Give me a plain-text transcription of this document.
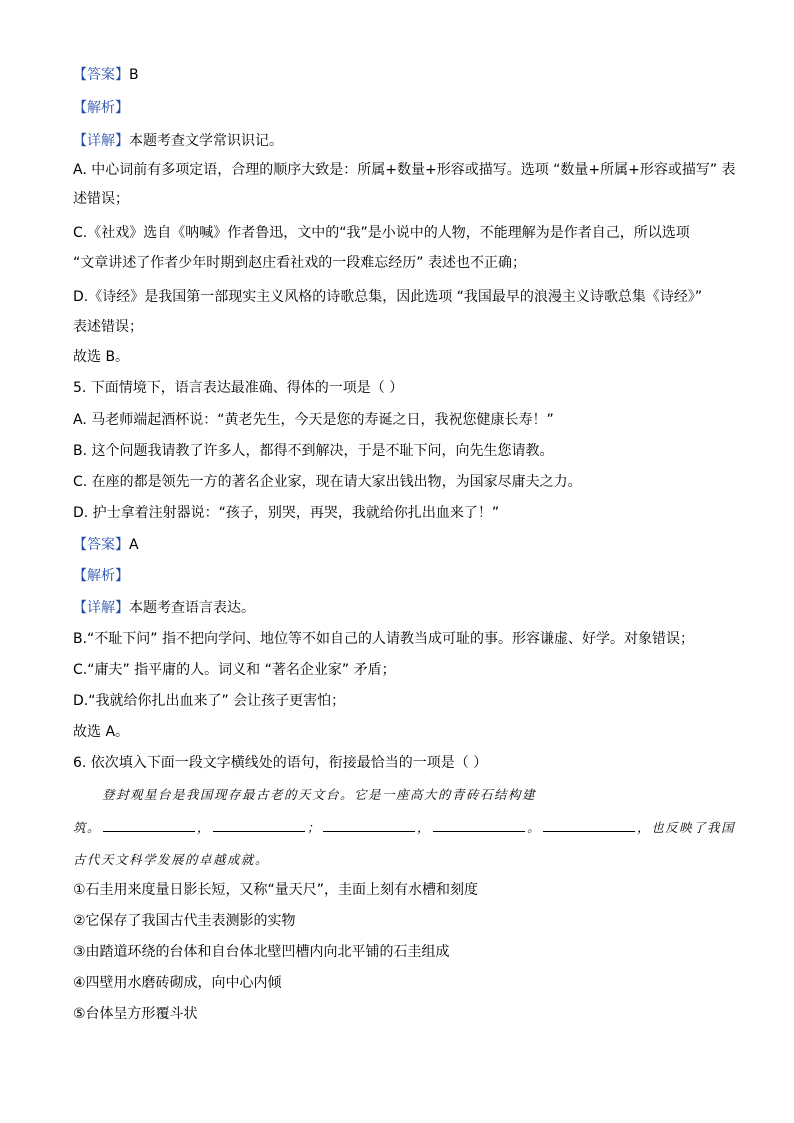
【答案】B
【解析】
【详解】本题考查文学常识识记。
A. 中心词前有多项定语，合理的顺序大致是：所属+数量+形容或描写。选项 “数量+所属+形容或描写” 表
述错误；
C.《社戏》选自《呐喊》作者鲁迅，文中的“我”是小说中的人物，不能理解为是作者自己，所以选项
“文章讲述了作者少年时期到赵庄看社戏的一段难忘经历” 表述也不正确；
D.《诗经》是我国第一部现实主义风格的诗歌总集，因此选项 “我国最早的浪漫主义诗歌总集《诗经》”
表述错误；
故选 B。
5. 下面情境下，语言表达最准确、得体的一项是（ ）
A. 马老师端起酒杯说：“黄老先生，今天是您的寿诞之日，我祝您健康长寿！”
B. 这个问题我请教了许多人，都得不到解决，于是不耻下问，向先生您请教。
C. 在座的都是领先一方的著名企业家，现在请大家出钱出物，为国家尽庸夫之力。
D. 护士拿着注射器说：“孩子，别哭，再哭，我就给你扎出血来了！”
【答案】A
【解析】
【详解】本题考查语言表达。
B.“不耻下问” 指不把向学问、地位等不如自己的人请教当成可耻的事。形容谦虚、好学。对象错误；
C.“庸夫” 指平庸的人。词义和 “著名企业家” 矛盾；
D.“我就给你扎出血来了” 会让孩子更害怕；
故选 A。
6. 依次填入下面一段文字横线处的语句，衔接最恰当的一项是（ ）
登封观星台是我国现存最古老的天文台。它是一座高大的青砖石结构建
筑。	，	；	，	。	，也反映了我国
古代天文科学发展的卓越成就。
①石圭用来度量日影长短，又称“量天尺”，圭面上刻有水槽和刻度
②它保存了我国古代圭表测影的实物
③由踏道环绕的台体和自台体北壁凹槽内向北平铺的石圭组成
④四壁用水磨砖砌成，向中心内倾
⑤台体呈方形覆斗状
